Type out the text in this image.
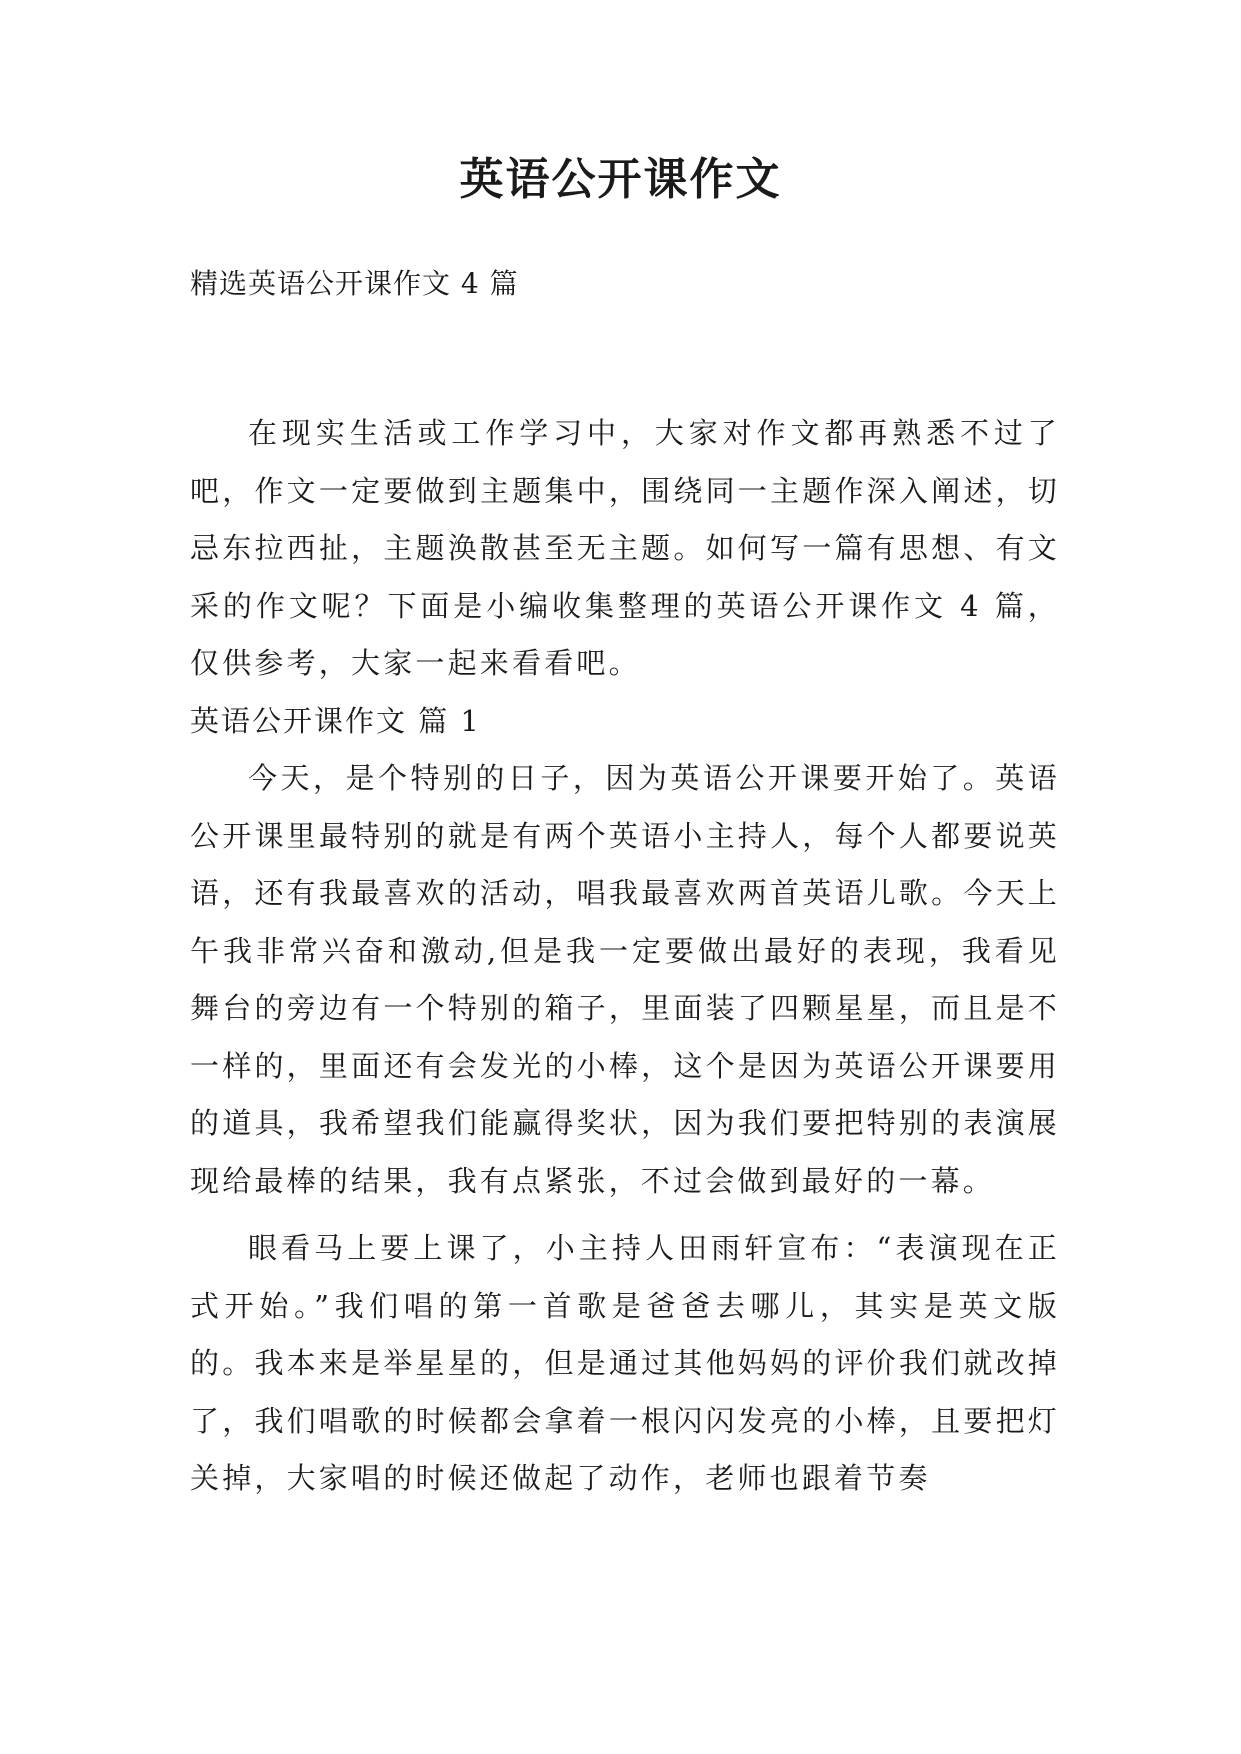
英语公开课作文
精选英语公开课作文 4 篇

在现实生活或工作学习中，大家对作文都再熟悉不过了吧，作文一定要做到主题集中，围绕同一主题作深入阐述，切忌东拉西扯，主题涣散甚至无主题。如何写一篇有思想、有文采的作文呢？下面是小编收集整理的英语公开课作文 4 篇，仅供参考，大家一起来看看吧。

英语公开课作文 篇 1

今天，是个特别的日子，因为英语公开课要开始了。英语公开课里最特别的就是有两个英语小主持人，每个人都要说英语，还有我最喜欢的活动，唱我最喜欢两首英语儿歌。今天上午我非常兴奋和激动,但是我一定要做出最好的表现，我看见舞台的旁边有一个特别的箱子，里面装了四颗星星，而且是不一样的，里面还有会发光的小棒，这个是因为英语公开课要用的道具，我希望我们能赢得奖状，因为我们要把特别的表演展现给最棒的结果，我有点紧张，不过会做到最好的一幕。

眼看马上要上课了，小主持人田雨轩宣布：“表演现在正式开始。”我们唱的第一首歌是爸爸去哪儿，其实是英文版的。我本来是举星星的，但是通过其他妈妈的评价我们就改掉了，我们唱歌的时候都会拿着一根闪闪发亮的小棒，且要把灯关掉，大家唱的时候还做起了动作，老师也跟着节奏
